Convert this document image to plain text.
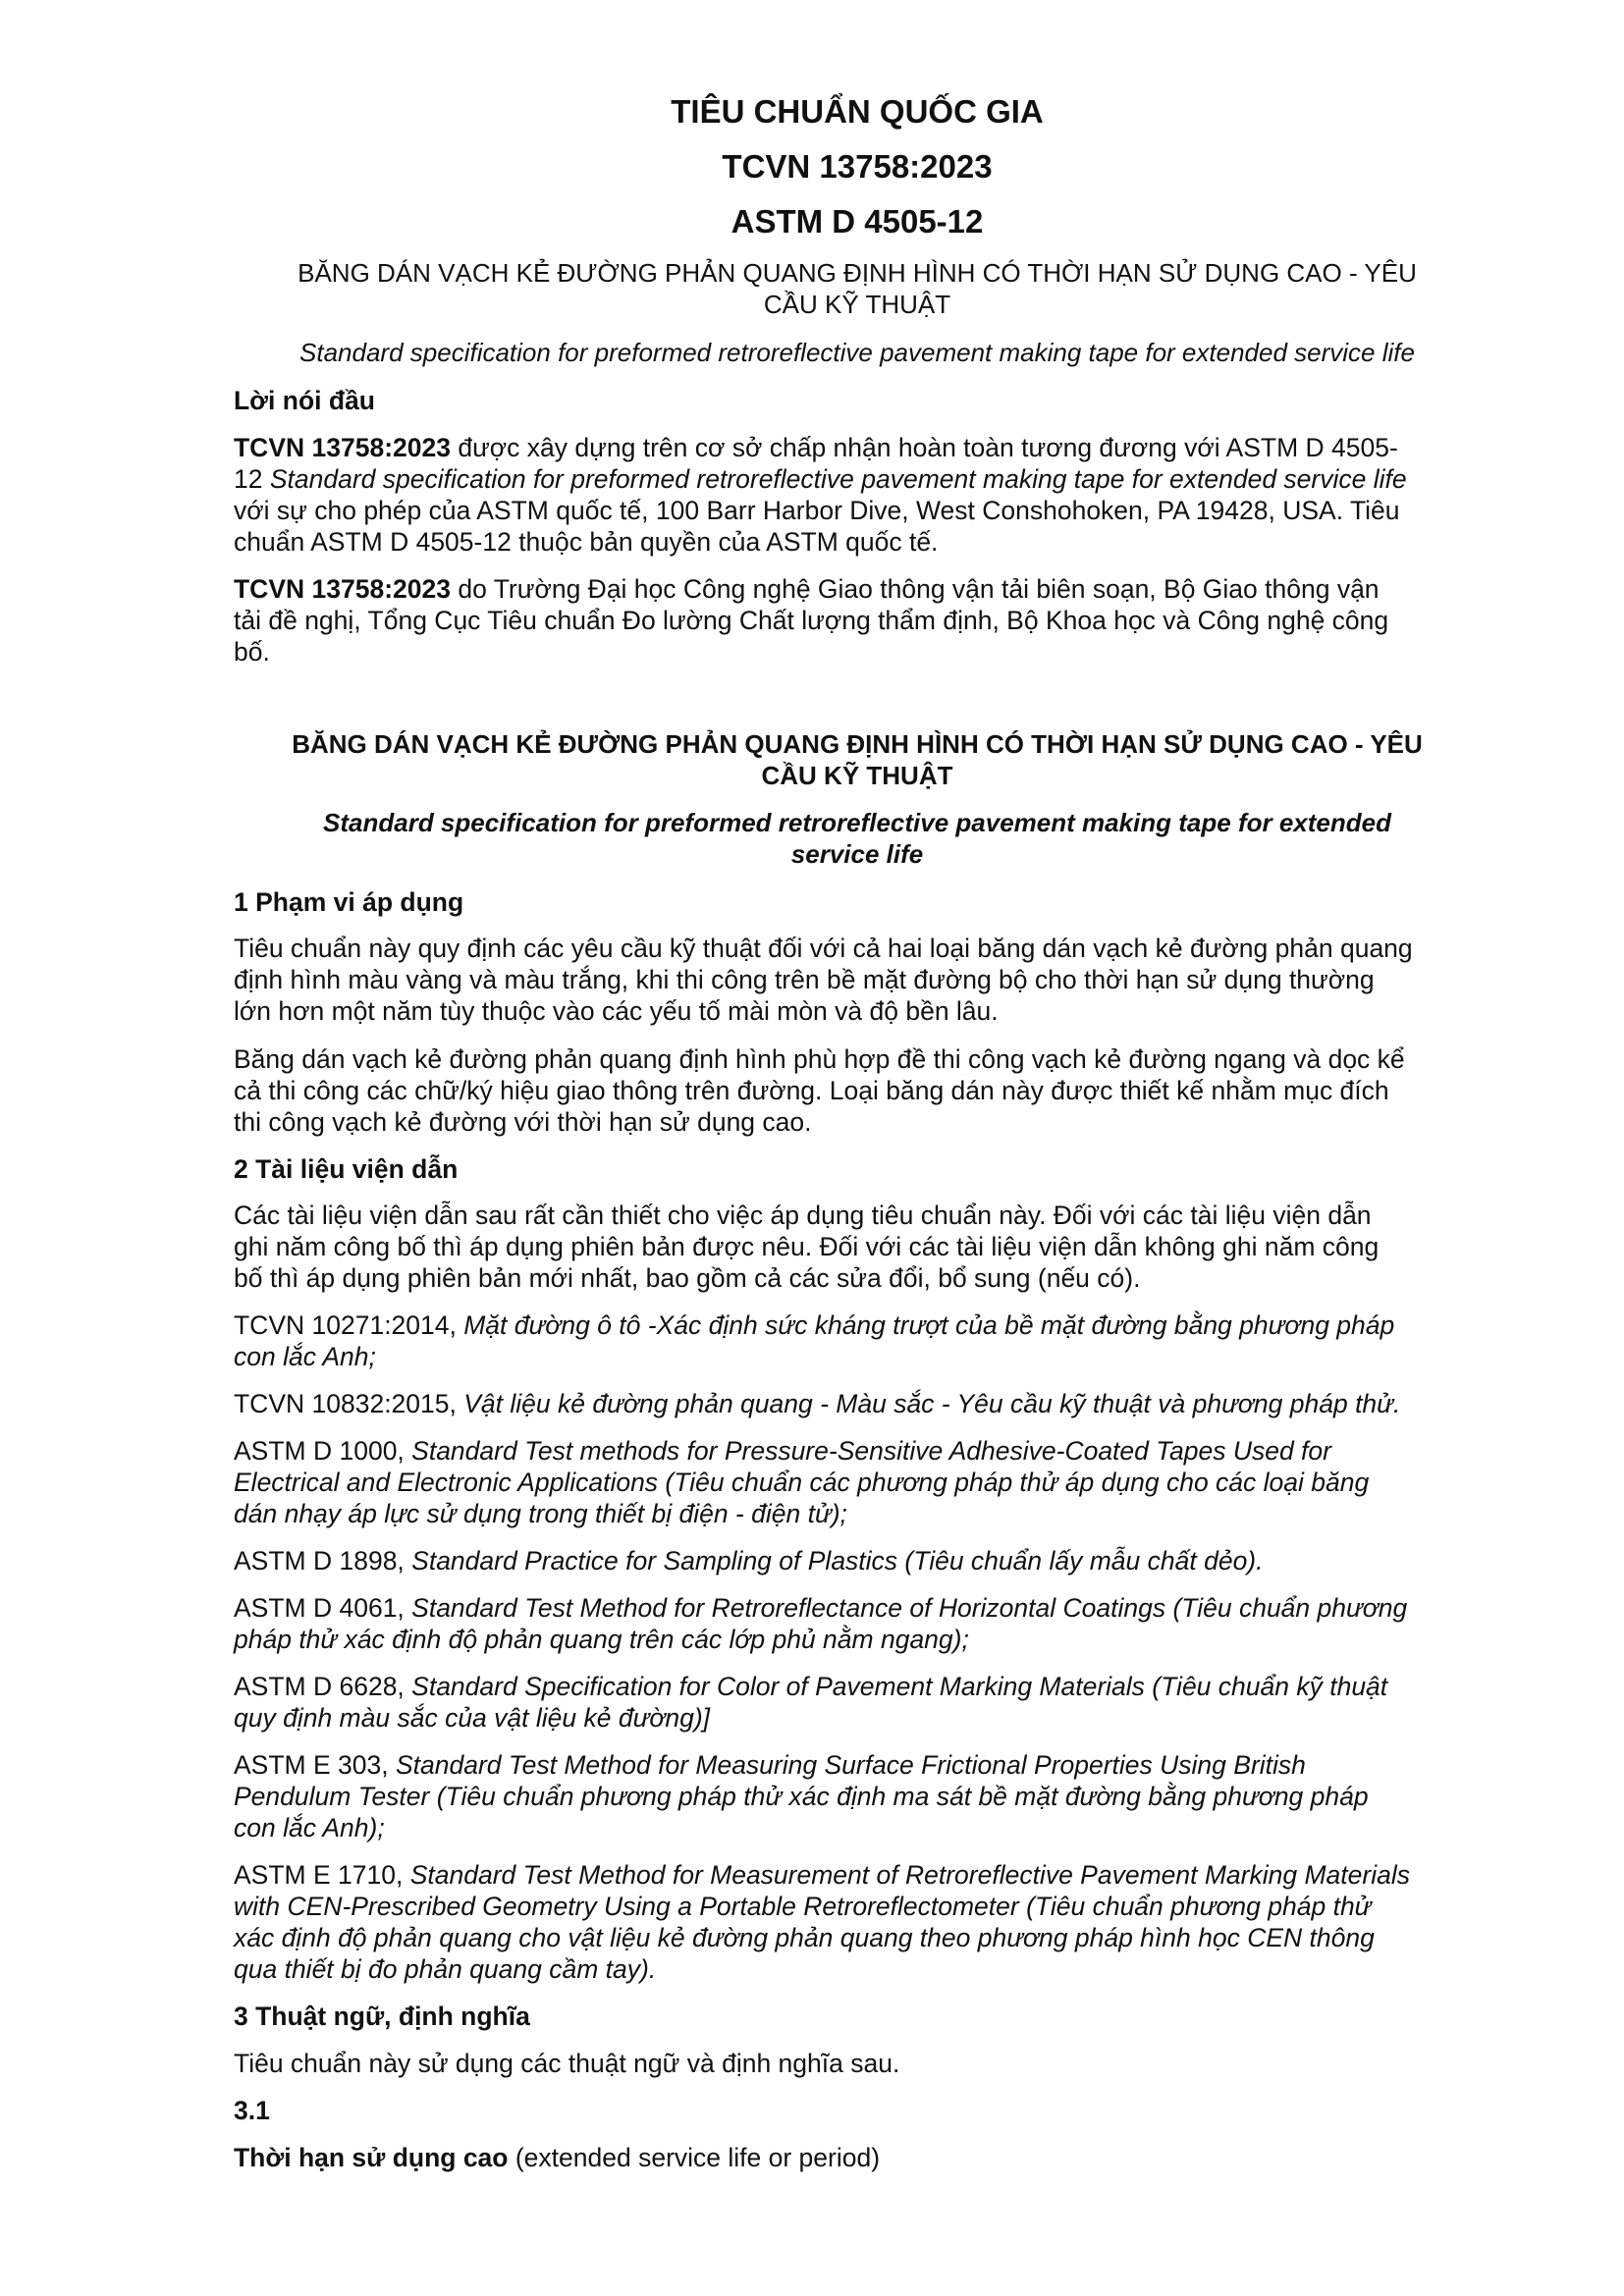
TIÊU CHUẨN QUỐC GIA

TCVN 13758:2023

ASTM D 4505-12

BĂNG DÁN VẠCH KẺ ĐƯỜNG PHẢN QUANG ĐỊNH HÌNH CÓ THỜI HẠN SỬ DỤNG CAO - YÊU

CẦU KỸ THUẬT

Standard specification for preformed retroreflective pavement making tape for extended service life

Lời nói đầu

TCVN 13758:2023 được xây dựng trên cơ sở chấp nhận hoàn toàn tương đương với ASTM D 4505-

12 Standard specification for preformed retroreflective pavement making tape for extended service life

với sự cho phép của ASTM quốc tế, 100 Barr Harbor Dive, West Conshohoken, PA 19428, USA. Tiêu

chuẩn ASTM D 4505-12 thuộc bản quyền của ASTM quốc tế.

TCVN 13758:2023 do Trường Đại học Công nghệ Giao thông vận tải biên soạn, Bộ Giao thông vận

tải đề nghị, Tổng Cục Tiêu chuẩn Đo lường Chất lượng thẩm định, Bộ Khoa học và Công nghệ công

bố.

BĂNG DÁN VẠCH KẺ ĐƯỜNG PHẢN QUANG ĐỊNH HÌNH CÓ THỜI HẠN SỬ DỤNG CAO - YÊU

CẦU KỸ THUẬT

Standard specification for preformed retroreflective pavement making tape for extended

service life

1 Phạm vi áp dụng

Tiêu chuẩn này quy định các yêu cầu kỹ thuật đối với cả hai loại băng dán vạch kẻ đường phản quang

định hình màu vàng và màu trắng, khi thi công trên bề mặt đường bộ cho thời hạn sử dụng thường

lớn hơn một năm tùy thuộc vào các yếu tố mài mòn và độ bền lâu.

Băng dán vạch kẻ đường phản quang định hình phù hợp đề thi công vạch kẻ đường ngang và dọc kể

cả thi công các chữ/ký hiệu giao thông trên đường. Loại băng dán này được thiết kế nhằm mục đích

thi công vạch kẻ đường với thời hạn sử dụng cao.

2 Tài liệu viện dẫn

Các tài liệu viện dẫn sau rất cần thiết cho việc áp dụng tiêu chuẩn này. Đối với các tài liệu viện dẫn

ghi năm công bố thì áp dụng phiên bản được nêu. Đối với các tài liệu viện dẫn không ghi năm công

bố thì áp dụng phiên bản mới nhất, bao gồm cả các sửa đổi, bổ sung (nếu có).

TCVN 10271:2014, Mặt đường ô tô -Xác định sức kháng trượt của bề mặt đường bằng phương pháp

con lắc Anh;

TCVN 10832:2015, Vật liệu kẻ đường phản quang - Màu sắc - Yêu cầu kỹ thuật và phương pháp thử.

ASTM D 1000, Standard Test methods for Pressure-Sensitive Adhesive-Coated Tapes Used for

Electrical and Electronic Applications (Tiêu chuẩn các phương pháp thử áp dụng cho các loại băng

dán nhạy áp lực sử dụng trong thiết bị điện - điện tử);

ASTM D 1898, Standard Practice for Sampling of Plastics (Tiêu chuẩn lấy mẫu chất dẻo).

ASTM D 4061, Standard Test Method for Retroreflectance of Horizontal Coatings (Tiêu chuẩn phương

pháp thử xác định độ phản quang trên các lớp phủ nằm ngang);

ASTM D 6628, Standard Specification for Color of Pavement Marking Materials (Tiêu chuẩn kỹ thuật

quy định màu sắc của vật liệu kẻ đường)]

ASTM E 303, Standard Test Method for Measuring Surface Frictional Properties Using British

Pendulum Tester (Tiêu chuẩn phương pháp thử xác định ma sát bề mặt đường bằng phương pháp

con lắc Anh);

ASTM E 1710, Standard Test Method for Measurement of Retroreflective Pavement Marking Materials

with CEN-Prescribed Geometry Using a Portable Retroreflectometer (Tiêu chuẩn phương pháp thử

xác định độ phản quang cho vật liệu kẻ đường phản quang theo phương pháp hình học CEN thông

qua thiết bị đo phản quang cầm tay).

3 Thuật ngữ, định nghĩa

Tiêu chuẩn này sử dụng các thuật ngữ và định nghĩa sau.

3.1

Thời hạn sử dụng cao (extended service life or period)
